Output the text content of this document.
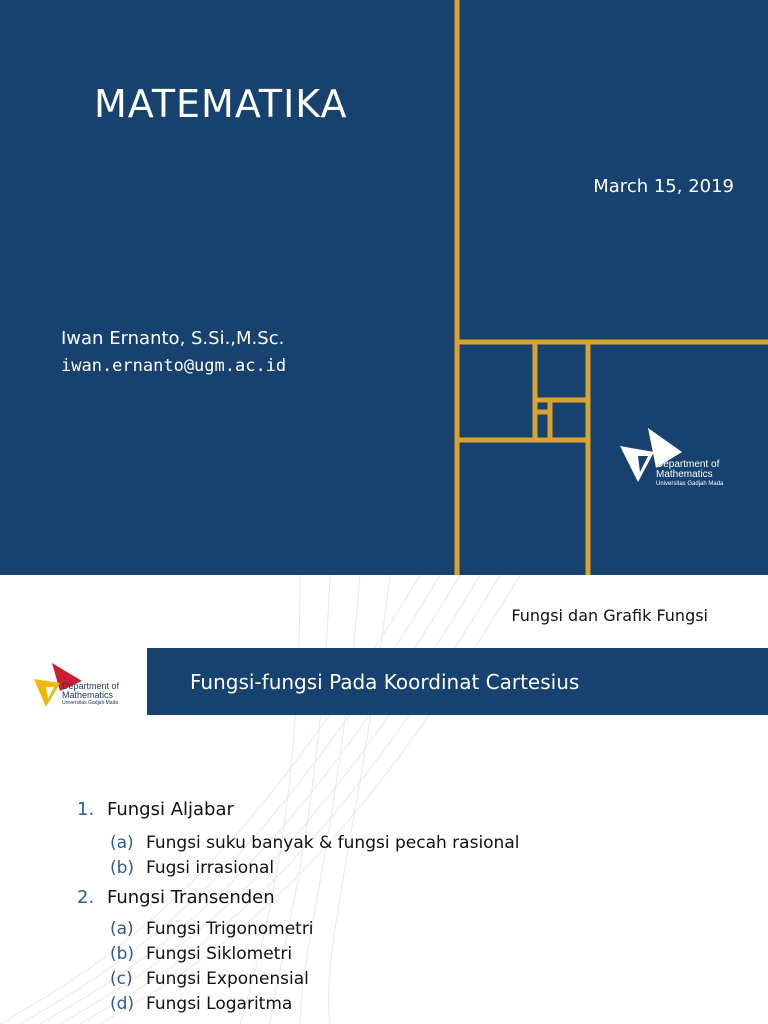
MATEMATIKA
March 15, 2019
Iwan Ernanto, S.Si.,M.Sc.
iwan.ernanto@ugm.ac.id
Department of
Mathematics
Universitas Gadjah Mada
Fungsi dan Grafik Fungsi
Department of
Mathematics
Universitas Gadjah Mada
Fungsi-fungsi Pada Koordinat Cartesius
1. Fungsi Aljabar
(a) Fungsi suku banyak & fungsi pecah rasional
(b) Fugsi irrasional
2. Fungsi Transenden
(a) Fungsi Trigonometri
(b) Fungsi Siklometri
(c) Fungsi Exponensial
(d) Fungsi Logaritma
